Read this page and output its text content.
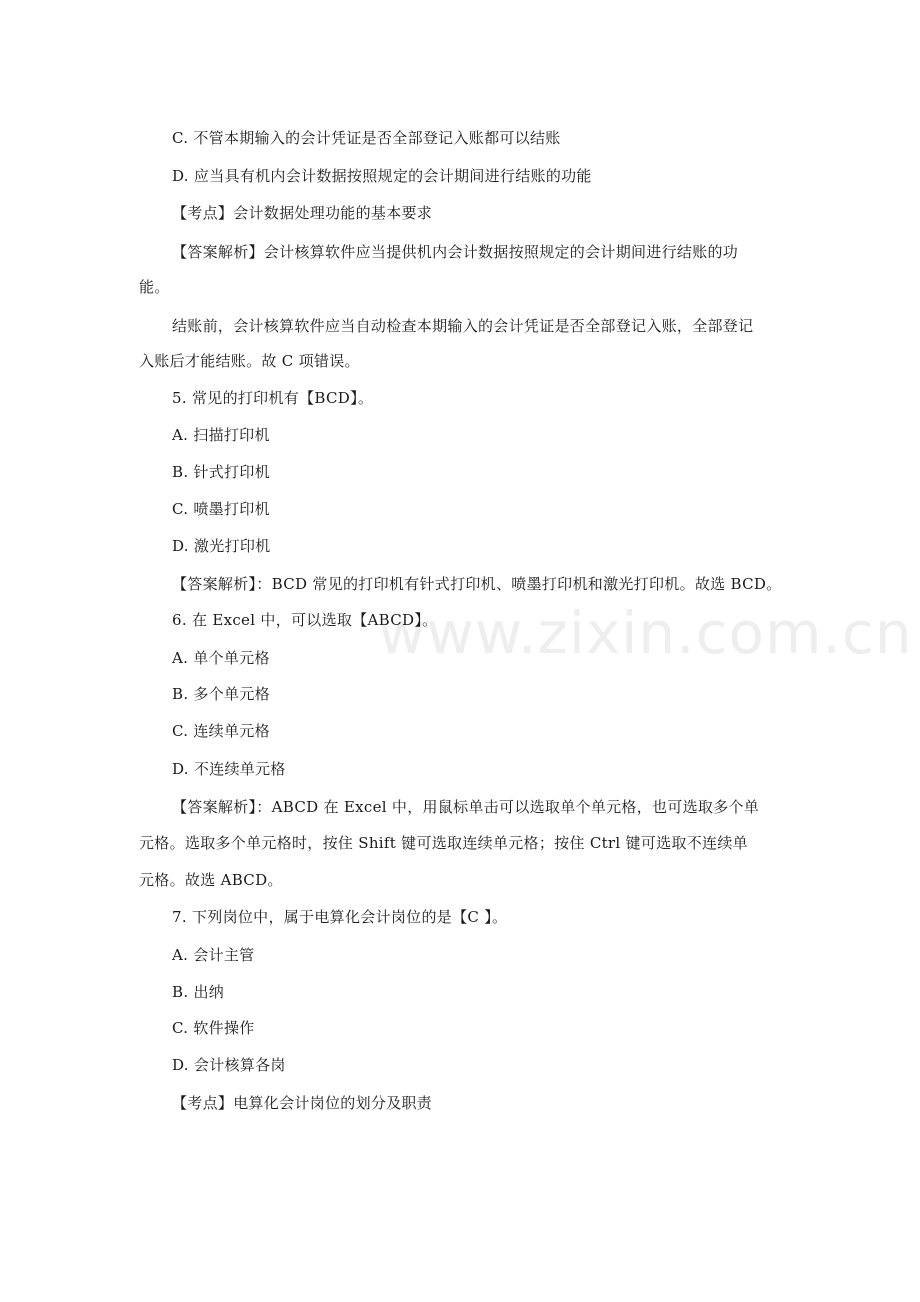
www.zixin.com.cn
C. 不管本期输入的会计凭证是否全部登记入账都可以结账
D. 应当具有机内会计数据按照规定的会计期间进行结账的功能
【考点】会计数据处理功能的基本要求
【答案解析】会计核算软件应当提供机内会计数据按照规定的会计期间进行结账的功
能。
结账前，会计核算软件应当自动检查本期输入的会计凭证是否全部登记入账，全部登记
入账后才能结账。故 C 项错误。
5. 常见的打印机有【BCD】。
A. 扫描打印机
B. 针式打印机
C. 喷墨打印机
D. 激光打印机
【答案解析】：BCD 常见的打印机有针式打印机、喷墨打印机和激光打印机。故选 BCD。
6. 在 Excel 中，可以选取【ABCD】。
A. 单个单元格
B. 多个单元格
C. 连续单元格
D. 不连续单元格
【答案解析】：ABCD 在 Excel 中，用鼠标单击可以选取单个单元格，也可选取多个单
元格。选取多个单元格时，按住 Shift 键可选取连续单元格；按住 Ctrl 键可选取不连续单
元格。故选 ABCD。
7. 下列岗位中，属于电算化会计岗位的是【C 】。
A. 会计主管
B. 出纳
C. 软件操作
D. 会计核算各岗
【考点】电算化会计岗位的划分及职责
